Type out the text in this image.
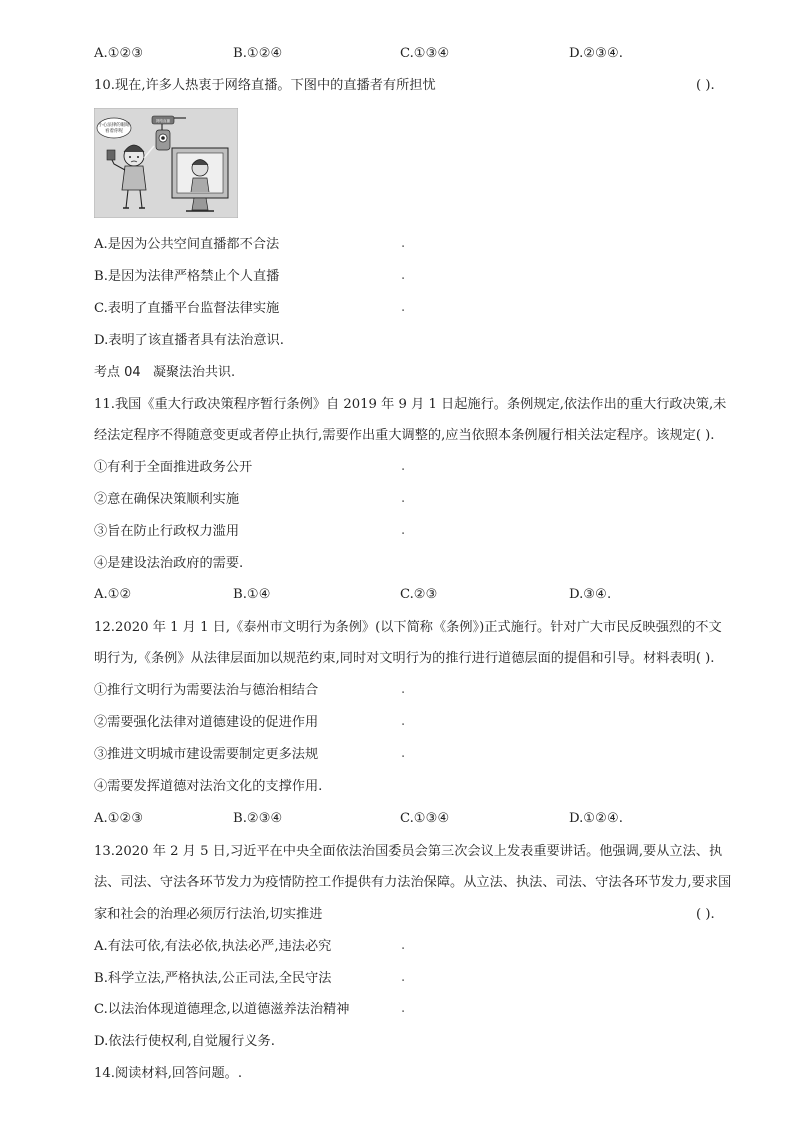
A.①②③	B.①②④	C.①③④	D.②③④.
10.现在,许多人热衷于网络直播。下图中的直播者有所担忧	( ).
小心法律的眼睛
看着你呢
网络直播
A.是因为公共空间直播都不合法
B.是因为法律严格禁止个人直播
C.表明了直播平台监督法律实施
D.表明了该直播者具有法治意识.
考点 04 凝聚法治共识.
11.我国《重大行政决策程序暂行条例》自 2019 年 9 月 1 日起施行。条例规定,依法作出的重大行政决策,未
经法定程序不得随意变更或者停止执行,需要作出重大调整的,应当依照本条例履行相关法定程序。该规定( ).
①有利于全面推进政务公开
②意在确保决策顺利实施
③旨在防止行政权力滥用
④是建设法治政府的需要.
A.①②	B.①④	C.②③	D.③④.
12.2020 年 1 月 1 日,《泰州市文明行为条例》(以下简称《条例》)正式施行。针对广大市民反映强烈的不文
明行为,《条例》从法律层面加以规范约束,同时对文明行为的推行进行道德层面的提倡和引导。材料表明( ).
①推行文明行为需要法治与德治相结合
②需要强化法律对道德建设的促进作用
③推进文明城市建设需要制定更多法规
④需要发挥道德对法治文化的支撑作用.
A.①②③	B.②③④	C.①③④	D.①②④.
13.2020 年 2 月 5 日,习近平在中央全面依法治国委员会第三次会议上发表重要讲话。他强调,要从立法、执
法、司法、守法各环节发力为疫情防控工作提供有力法治保障。从立法、执法、司法、守法各环节发力,要求国
家和社会的治理必须厉行法治,切实推进	( ).
A.有法可依,有法必依,执法必严,违法必究
B.科学立法,严格执法,公正司法,全民守法
C.以法治体现道德理念,以道德滋养法治精神
D.依法行使权利,自觉履行义务.
14.阅读材料,回答问题。.
.
.
.
.
.
.
.
.
.
.
.
.
